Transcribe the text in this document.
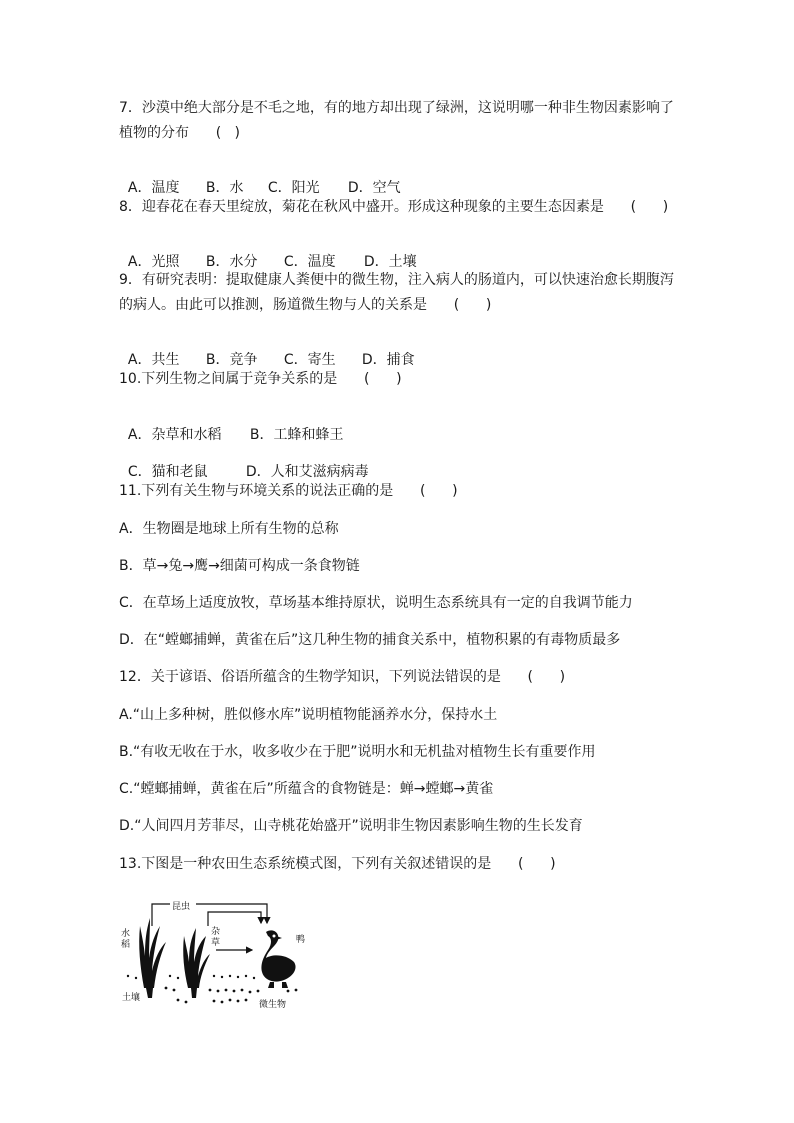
7．沙漠中绝大部分是不毛之地，有的地方却出现了绿洲，这说明哪一种非生物因素影响了
植物的分布      (   )

A．温度 B．水 C．阳光 D．空气

8．迎春花在春天里绽放，菊花在秋风中盛开。形成这种现象的主要生态因素是      (      )

A．光照 B．水分 C．温度 D．土壤

9．有研究表明：提取健康人粪便中的微生物，注入病人的肠道内，可以快速治愈长期腹泻
的病人。由此可以推测，肠道微生物与人的关系是      (      )

A．共生 B．竞争 C．寄生 D．捕食

10.下列生物之间属于竞争关系的是      (      )

A．杂草和水稻 B．工蜂和蜂王

C．猫和老鼠	D．人和艾滋病病毒

11.下列有关生物与环境关系的说法正确的是      (      )
A．生物圈是地球上所有生物的总称
B．草→兔→鹰→细菌可构成一条食物链
C．在草场上适度放牧，草场基本维持原状，说明生态系统具有一定的自我调节能力
D．在“螳螂捕蝉，黄雀在后”这几种生物的捕食关系中，植物积累的有毒物质最多
12．关于谚语、俗语所蕴含的生物学知识，下列说法错误的是      (      )
A.“山上多种树，胜似修水库”说明植物能涵养水分，保持水土
B.“有收无收在于水，收多收少在于肥”说明水和无机盐对植物生长有重要作用
C.“螳螂捕蝉，黄雀在后”所蕴含的食物链是：蝉→螳螂→黄雀
D.“人间四月芳菲尽，山寺桃花始盛开”说明非生物因素影响生物的生长发育
13.下图是一种农田生态系统模式图，下列有关叙述错误的是      (      )
昆虫
水
稻
杂
草	鸭
土壤
微生物
